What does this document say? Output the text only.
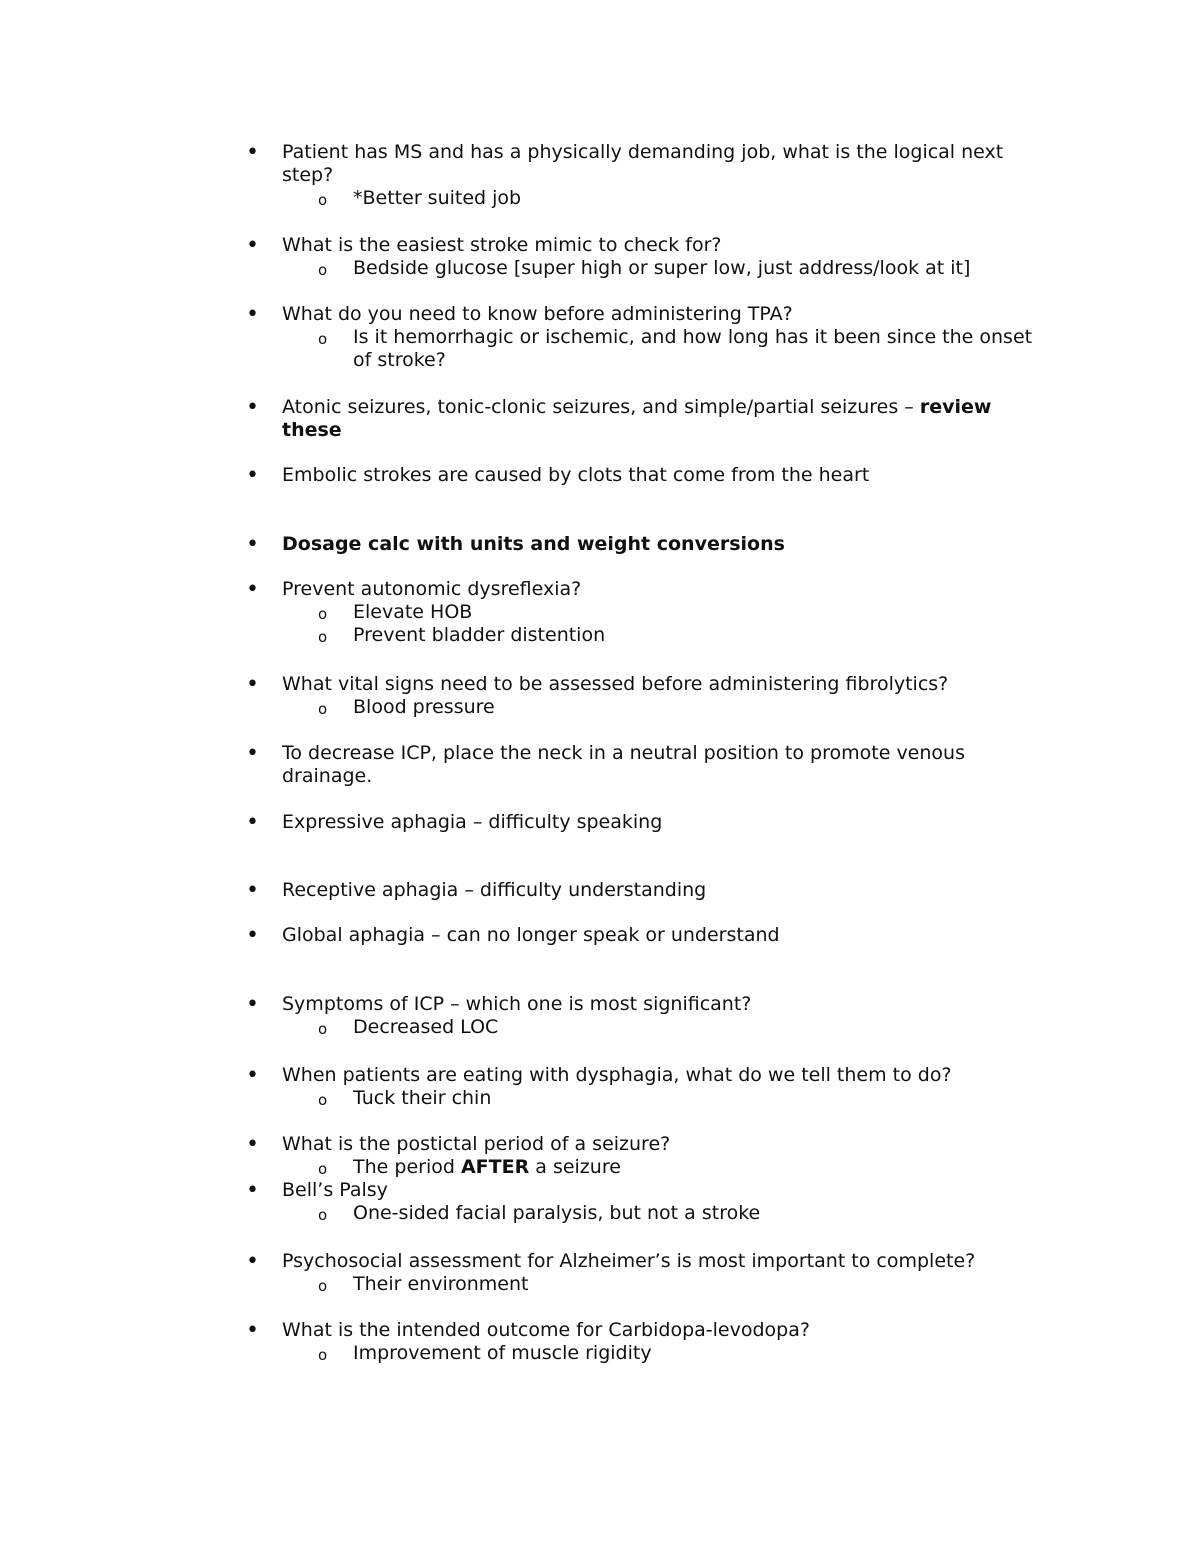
• Patient has MS and has a physically demanding job, what is the logical next
step?
o *Better suited job
• What is the easiest stroke mimic to check for?
o Bedside glucose [super high or super low, just address/look at it]
• What do you need to know before administering TPA?
o Is it hemorrhagic or ischemic, and how long has it been since the onset
of stroke?
• Atonic seizures, tonic-clonic seizures, and simple/partial seizures – review
these
• Embolic strokes are caused by clots that come from the heart
• Dosage calc with units and weight conversions
• Prevent autonomic dysreflexia?
o Elevate HOB
o Prevent bladder distention
• What vital signs need to be assessed before administering fibrolytics?
o Blood pressure
• To decrease ICP, place the neck in a neutral position to promote venous
drainage.
• Expressive aphagia – difficulty speaking
• Receptive aphagia – difficulty understanding
• Global aphagia – can no longer speak or understand
• Symptoms of ICP – which one is most significant?
o Decreased LOC
• When patients are eating with dysphagia, what do we tell them to do?
o Tuck their chin
• What is the postictal period of a seizure?
o The period AFTER a seizure
• Bell’s Palsy
o One-sided facial paralysis, but not a stroke
• Psychosocial assessment for Alzheimer’s is most important to complete?
o Their environment
• What is the intended outcome for Carbidopa-levodopa?
o Improvement of muscle rigidity
